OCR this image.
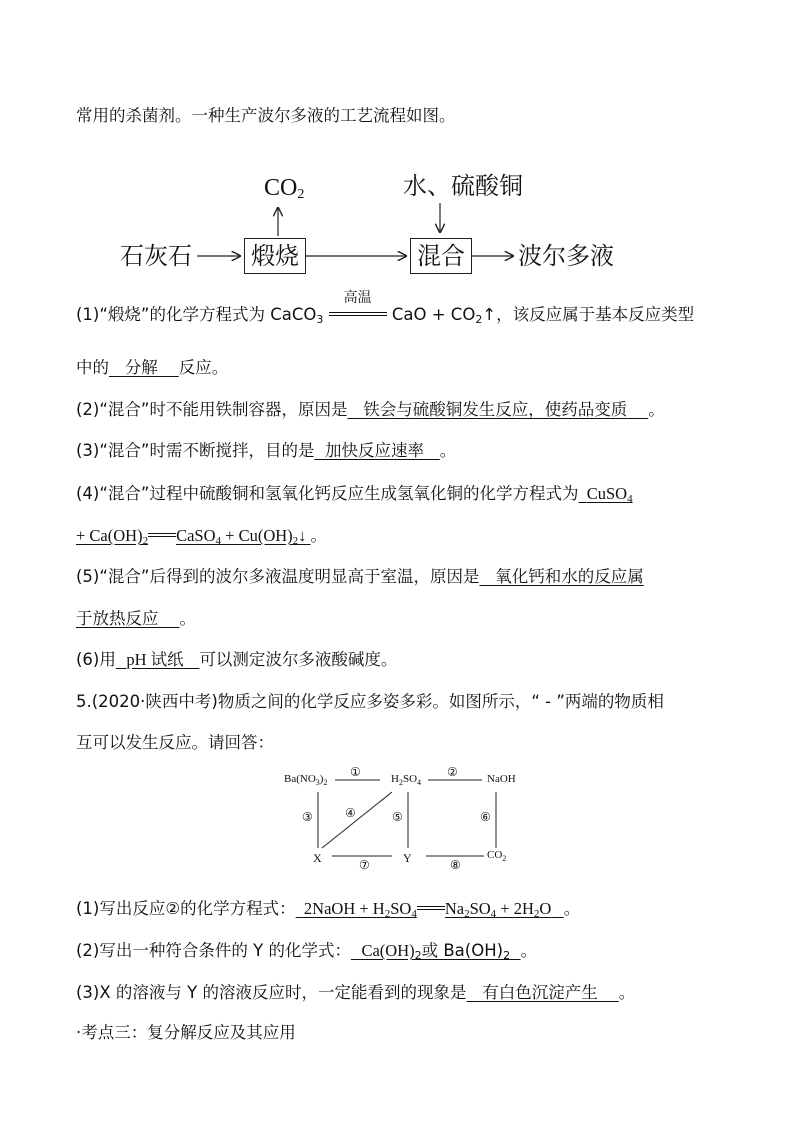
常用的杀菌剂。一种生产波尔多液的工艺流程如图。
石灰石 煅烧	混合 波尔多液
$CO_2$	水、硫酸铜
(1)“煅烧”的化学方程式为 CaCO$_3$
高温
CaO + $CO_2↑$，该反应属于基本反应类型
中的 分解 反应。
(2)“混合”时不能用铁制容器，原因是 铁会与硫酸铜发生反应，使药品变质 。
(3)“混合”时需不断搅拌，目的是 加快反应速率 。
(4)“混合”过程中硫酸铜和氢氧化钙反应生成氢氧化铜的化学方程式为 CuSO$_4$
+ $Ca(OH)_2$ CaSO$_4$ + $Cu(OH)_2↓$ 。
(5)“混合”后得到的波尔多液温度明显高于室温，原因是 氧化钙和水的反应属
于放热反应 。
(6)用 pH 试纸 可以测定波尔多液酸碱度。
5.(2020·陕西中考)物质之间的化学反应多姿多彩。如图所示，“ - ”两端的物质相
互可以发生反应。请回答：
$Ba(NO_3)_2$	$H_2SO_4$	NaOH
X	Y	$CO_2$
①	②
③	④	⑤	⑥
⑦	⑧
(1)写出反应②的化学方程式： 2NaOH + $H_2SO_4$ $Na_2SO_4 + 2H_2O$ 。
(2)写出一种符合条件的 Y 的化学式： $Ca(OH)_2$或 $Ba(OH)_2$ 。
(3)X 的溶液与 Y 的溶液反应时，一定能看到的现象是 有白色沉淀产生 。
·考点三：复分解反应及其应用
